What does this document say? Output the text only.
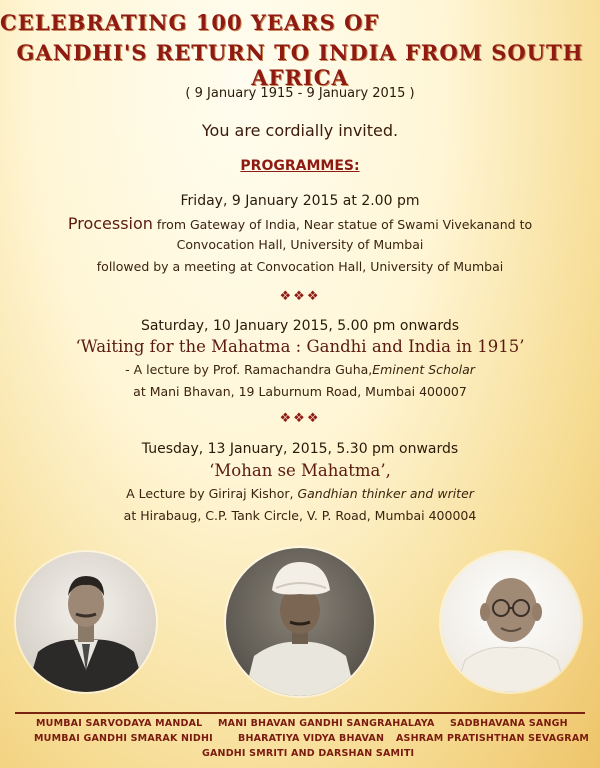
CELEBRATING 100 YEARS OF
GANDHI'S RETURN TO INDIA FROM SOUTH AFRICA
( 9 January 1915 - 9 January 2015 )
You are cordially invited.
PROGRAMMES:
Friday, 9 January 2015 at 2.00 pm
Procession from Gateway of India, Near statue of Swami Vivekanand to
Convocation Hall, University of Mumbai
followed by a meeting at Convocation Hall, University of Mumbai
❖❖❖
Saturday, 10 January 2015, 5.00 pm onwards
‘Waiting for the Mahatma : Gandhi and India in 1915’
- A lecture by Prof. Ramachandra Guha,Eminent Scholar
at Mani Bhavan, 19 Laburnum Road, Mumbai 400007
❖❖❖
Tuesday, 13 January, 2015, 5.30 pm onwards
‘Mohan se Mahatma’,
A Lecture by Giriraj Kishor, Gandhian thinker and writer
at Hirabaug, C.P. Tank Circle, V. P. Road, Mumbai 400004
MUMBAI SARVODAYA MANDAL MANI BHAVAN GANDHI SANGRAHALAYA SADBHAVANA SANGH
MUMBAI GANDHI SMARAK NIDHI	BHARATIYA VIDYA BHAVAN ASHRAM PRATISHTHAN SEVAGRAM
GANDHI SMRITI AND DARSHAN SAMITI
